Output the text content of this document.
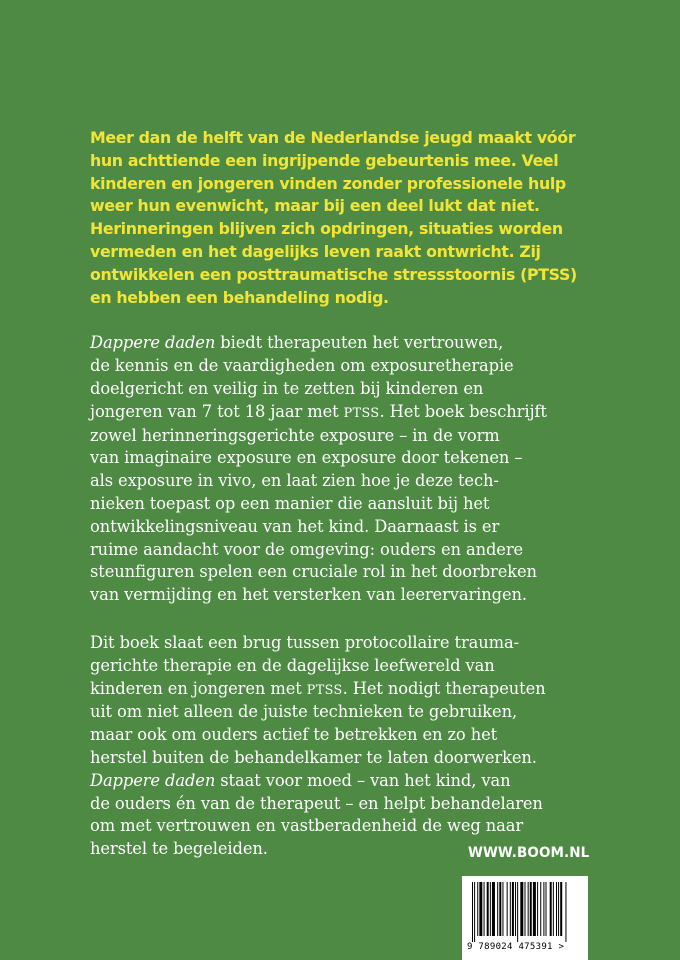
Meer dan de helft van de Nederlandse jeugd maakt vóór
hun achttiende een ingrijpende gebeurtenis mee. Veel
kinderen en jongeren vinden zonder professionele hulp
weer hun evenwicht, maar bij een deel lukt dat niet.
Herinneringen blijven zich opdringen, situaties worden
vermeden en het dagelijks leven raakt ontwricht. Zij
ontwikkelen een posttraumatische stressstoornis (PTSS)
en hebben een behandeling nodig.

Dappere daden biedt therapeuten het vertrouwen,
de kennis en de vaardigheden om exposuretherapie
doelgericht en veilig in te zetten bij kinderen en
jongeren van 7 tot 18 jaar met PTSS. Het boek beschrijft
zowel herinneringsgerichte exposure – in de vorm
van imaginaire exposure en exposure door tekenen –
als exposure in vivo, en laat zien hoe je deze tech-
nieken toepast op een manier die aansluit bij het
ontwikkelingsniveau van het kind. Daarnaast is er
ruime aandacht voor de omgeving: ouders en andere
steunfiguren spelen een cruciale rol in het doorbreken
van vermijding en het versterken van leerervaringen.

Dit boek slaat een brug tussen protocollaire trauma-
gerichte therapie en de dagelijkse leefwereld van
kinderen en jongeren met PTSS. Het nodigt therapeuten
uit om niet alleen de juiste technieken te gebruiken,
maar ook om ouders actief te betrekken en zo het
herstel buiten de behandelkamer te laten doorwerken.
Dappere daden staat voor moed – van het kind, van
de ouders én van de therapeut – en helpt behandelaren
om met vertrouwen en vastberadenheid de weg naar
herstel te begeleiden.	WWW.BOOM.NL
9 789024 475391 >
